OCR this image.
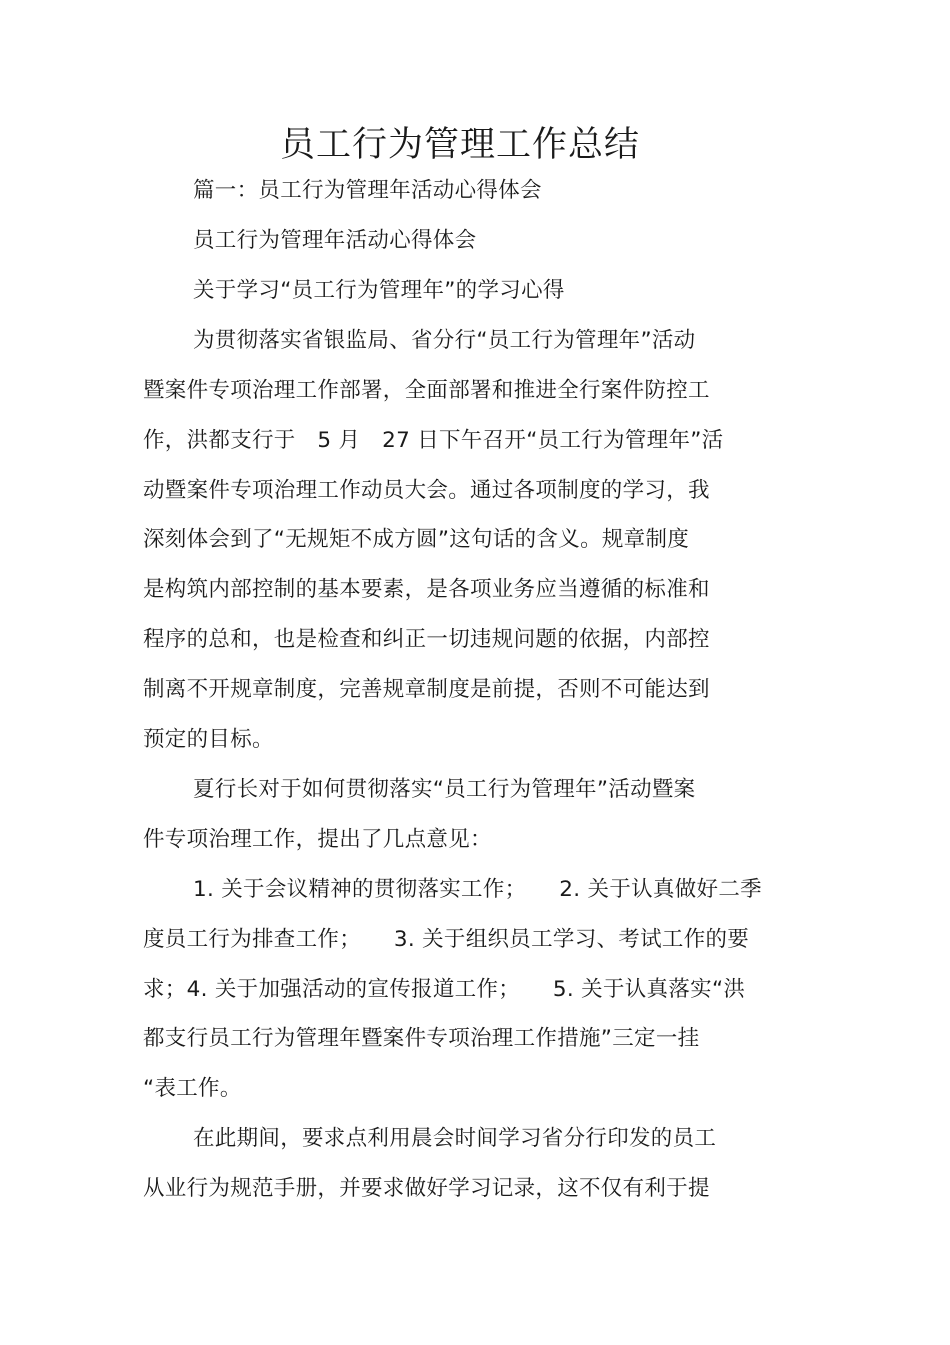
员工行为管理工作总结
篇一：员工行为管理年活动心得体会
员工行为管理年活动心得体会
关于学习“员工行为管理年”的学习心得
为贯彻落实省银监局、省分行“员工行为管理年”活动
暨案件专项治理工作部署，全面部署和推进全行案件防控工
作，洪都支行于　5 月　27 日下午召开“员工行为管理年”活
动暨案件专项治理工作动员大会。通过各项制度的学习，我
深刻体会到了“无规矩不成方圆”这句话的含义。规章制度
是构筑内部控制的基本要素，是各项业务应当遵循的标准和
程序的总和，也是检查和纠正一切违规问题的依据，内部控
制离不开规章制度，完善规章制度是前提，否则不可能达到
预定的目标。
夏行长对于如何贯彻落实“员工行为管理年”活动暨案
件专项治理工作，提出了几点意见：
1. 关于会议精神的贯彻落实工作；　　2. 关于认真做好二季
度员工行为排查工作；　　3. 关于组织员工学习、考试工作的要
求；4. 关于加强活动的宣传报道工作；　　5. 关于认真落实“洪
都支行员工行为管理年暨案件专项治理工作措施”三定一挂
“表工作。
在此期间，要求点利用晨会时间学习省分行印发的员工
从业行为规范手册，并要求做好学习记录，这不仅有利于提
